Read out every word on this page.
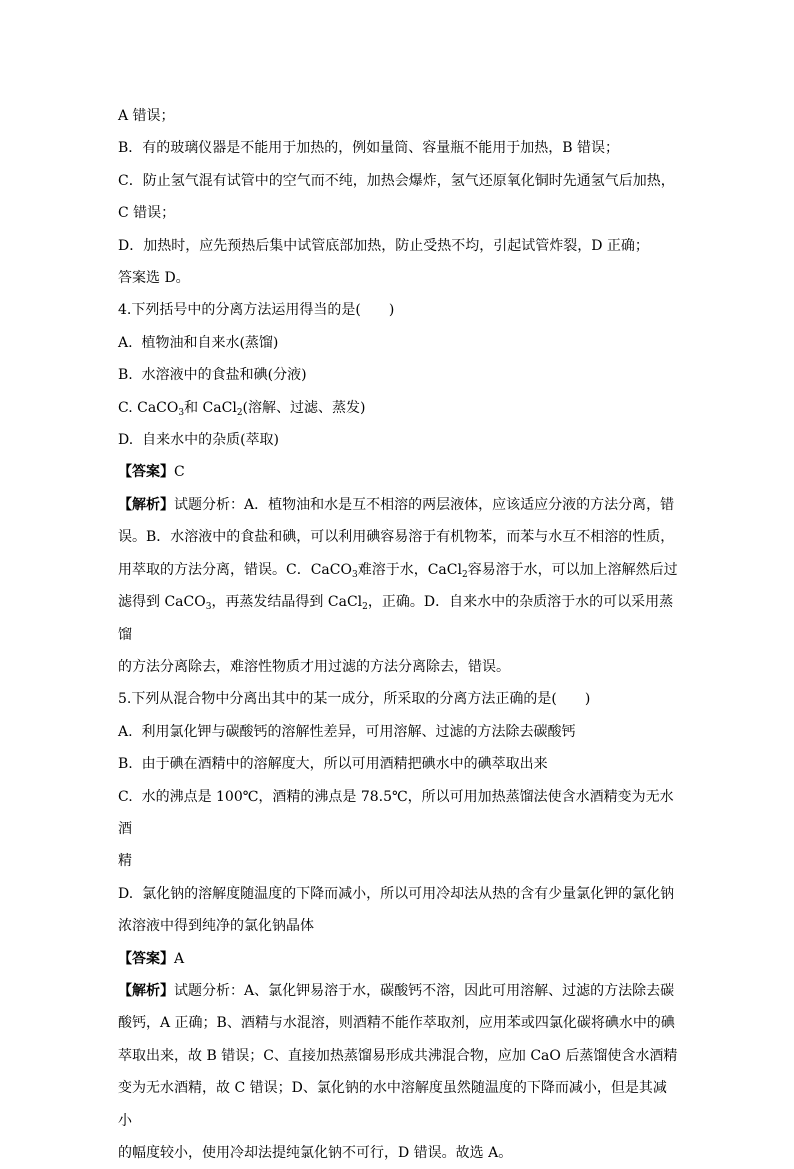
A 错误；

B．有的玻璃仪器是不能用于加热的，例如量筒、容量瓶不能用于加热，B 错误；

C．防止氢气混有试管中的空气而不纯，加热会爆炸，氢气还原氧化铜时先通氢气后加热，

C 错误；

D．加热时，应先预热后集中试管底部加热，防止受热不均，引起试管炸裂，D 正确；

答案选 D。

4.下列括号中的分离方法运用得当的是(　　)

A.  植物油和自来水(蒸馏)

B.  水溶液中的食盐和碘(分液)

C. CaCO$_3$和 CaCl$_2$(溶解、过滤、蒸发)

D.  自来水中的杂质(萃取)

【答案】C

【解析】试题分析：A．植物油和水是互不相溶的两层液体，应该适应分液的方法分离，错

误。B．水溶液中的食盐和碘，可以利用碘容易溶于有机物苯，而苯与水互不相溶的性质，

用萃取的方法分离，错误。C．CaCO$_3$难溶于水，CaCl$_2$容易溶于水，可以加上溶解然后过

滤得到 CaCO$_3$，再蒸发结晶得到 CaCl$_2$，正确。D．自来水中的杂质溶于水的可以采用蒸馏

的方法分离除去，难溶性物质才用过滤的方法分离除去，错误。

5.下列从混合物中分离出其中的某一成分，所采取的分离方法正确的是(　　)

A.  利用氯化钾与碳酸钙的溶解性差异，可用溶解、过滤的方法除去碳酸钙

B.  由于碘在酒精中的溶解度大，所以可用酒精把碘水中的碘萃取出来

C.  水的沸点是 100℃，酒精的沸点是 78.5℃，所以可用加热蒸馏法使含水酒精变为无水酒

精

D.  氯化钠的溶解度随温度的下降而减小，所以可用冷却法从热的含有少量氯化钾的氯化钠

浓溶液中得到纯净的氯化钠晶体

【答案】A

【解析】试题分析：A、氯化钾易溶于水，碳酸钙不溶，因此可用溶解、过滤的方法除去碳

酸钙，A 正确；B、酒精与水混溶，则酒精不能作萃取剂，应用苯或四氯化碳将碘水中的碘

萃取出来，故 B 错误；C、直接加热蒸馏易形成共沸混合物，应加 CaO 后蒸馏使含水酒精

变为无水酒精，故 C 错误；D、氯化钠的水中溶解度虽然随温度的下降而减小，但是其减小

的幅度较小，使用冷却法提纯氯化钠不可行，D 错误。故选 A。
